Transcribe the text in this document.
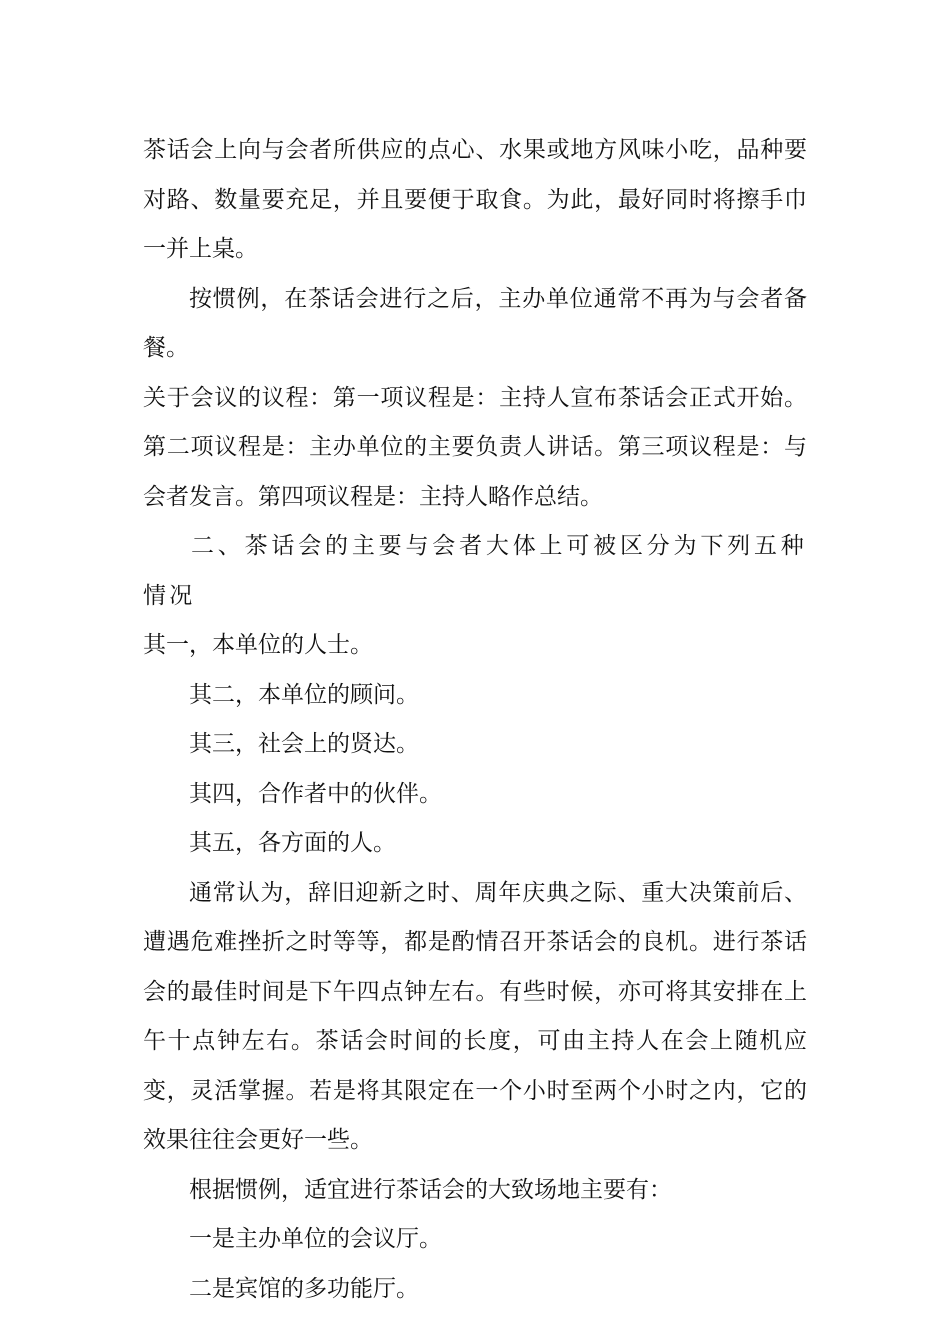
茶话会上向与会者所供应的点心、水果或地方风味小吃，品种要对路、数量要充足，并且要便于取食。为此，最好同时将擦手巾一并上桌。

按惯例，在茶话会进行之后，主办单位通常不再为与会者备餐。

关于会议的议程：第一项议程是：主持人宣布茶话会正式开始。第二项议程是：主办单位的主要负责人讲话。第三项议程是：与会者发言。第四项议程是：主持人略作总结。

二、茶话会的主要与会者大体上可被区分为下列五种情况

其一，本单位的人士。

其二，本单位的顾问。

其三，社会上的贤达。

其四，合作者中的伙伴。

其五，各方面的人。

通常认为，辞旧迎新之时、周年庆典之际、重大决策前后、遭遇危难挫折之时等等，都是酌情召开茶话会的良机。进行茶话会的最佳时间是下午四点钟左右。有些时候，亦可将其安排在上午十点钟左右。茶话会时间的长度，可由主持人在会上随机应变，灵活掌握。若是将其限定在一个小时至两个小时之内，它的效果往往会更好一些。

根据惯例，适宜进行茶话会的大致场地主要有：

一是主办单位的会议厅。

二是宾馆的多功能厅。
